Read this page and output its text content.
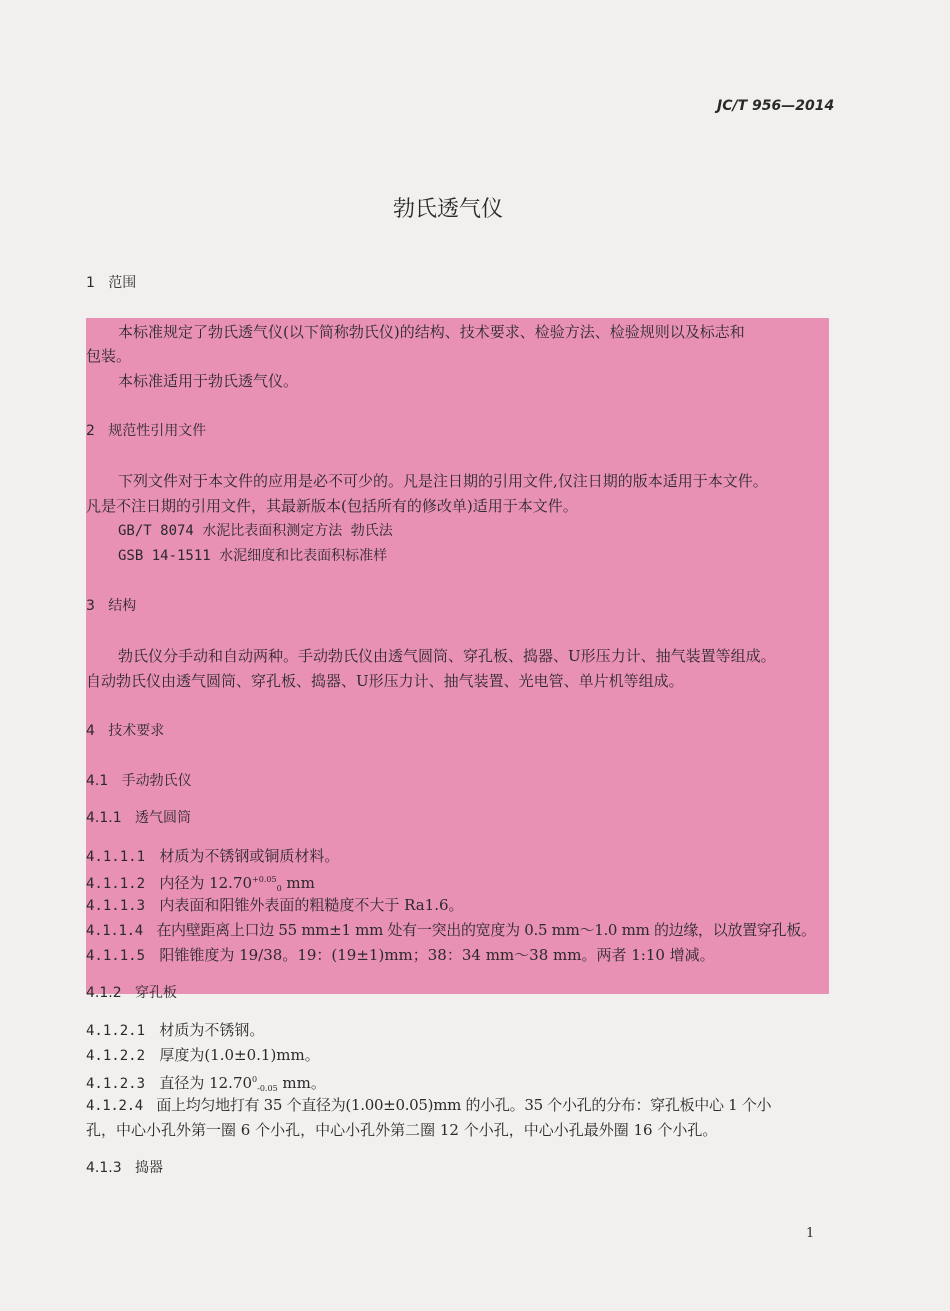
JC/T 956—2014
勃氏透气仪
1 范围
本标准规定了勃氏透气仪(以下简称勃氏仪)的结构、技术要求、检验方法、检验规则以及标志和
包装。
本标准适用于勃氏透气仪。
2 规范性引用文件
下列文件对于本文件的应用是必不可少的。凡是注日期的引用文件,仅注日期的版本适用于本文件。
凡是不注日期的引用文件，其最新版本(包括所有的修改单)适用于本文件。
GB/T 8074 水泥比表面积测定方法 勃氏法
GSB 14-1511 水泥细度和比表面积标准样
3 结构
勃氏仪分手动和自动两种。手动勃氏仪由透气圆筒、穿孔板、捣器、U形压力计、抽气装置等组成。
自动勃氏仪由透气圆筒、穿孔板、捣器、U形压力计、抽气装置、光电管、单片机等组成。
4 技术要求
4.1 手动勃氏仪
4.1.1 透气圆筒
4.1.1.1 材质为不锈钢或铜质材料。
4.1.1.2 内径为 $12.70^{+0.05}_0$ mm
4.1.1.3 内表面和阳锥外表面的粗糙度不大于 Ra1.6。
4.1.1.4 在内壁距离上口边 55 mm±1 mm 处有一突出的宽度为 0.5 mm～1.0 mm 的边缘，以放置穿孔板。
4.1.1.5 阳锥锥度为 19/38。19：(19±1)mm；38：34 mm～38 mm。两者 1:10 增减。
4.1.2 穿孔板
4.1.2.1 材质为不锈钢。
4.1.2.2 厚度为(1.0±0.1)mm。
4.1.2.3 直径为 $12.70^0_{-0.05}$ mm。
4.1.2.4 面上均匀地打有 35 个直径为(1.00±0.05)mm 的小孔。35 个小孔的分布：穿孔板中心 1 个小
孔，中心小孔外第一圈 6 个小孔，中心小孔外第二圈 12 个小孔，中心小孔最外圈 16 个小孔。
4.1.3 捣器
1
